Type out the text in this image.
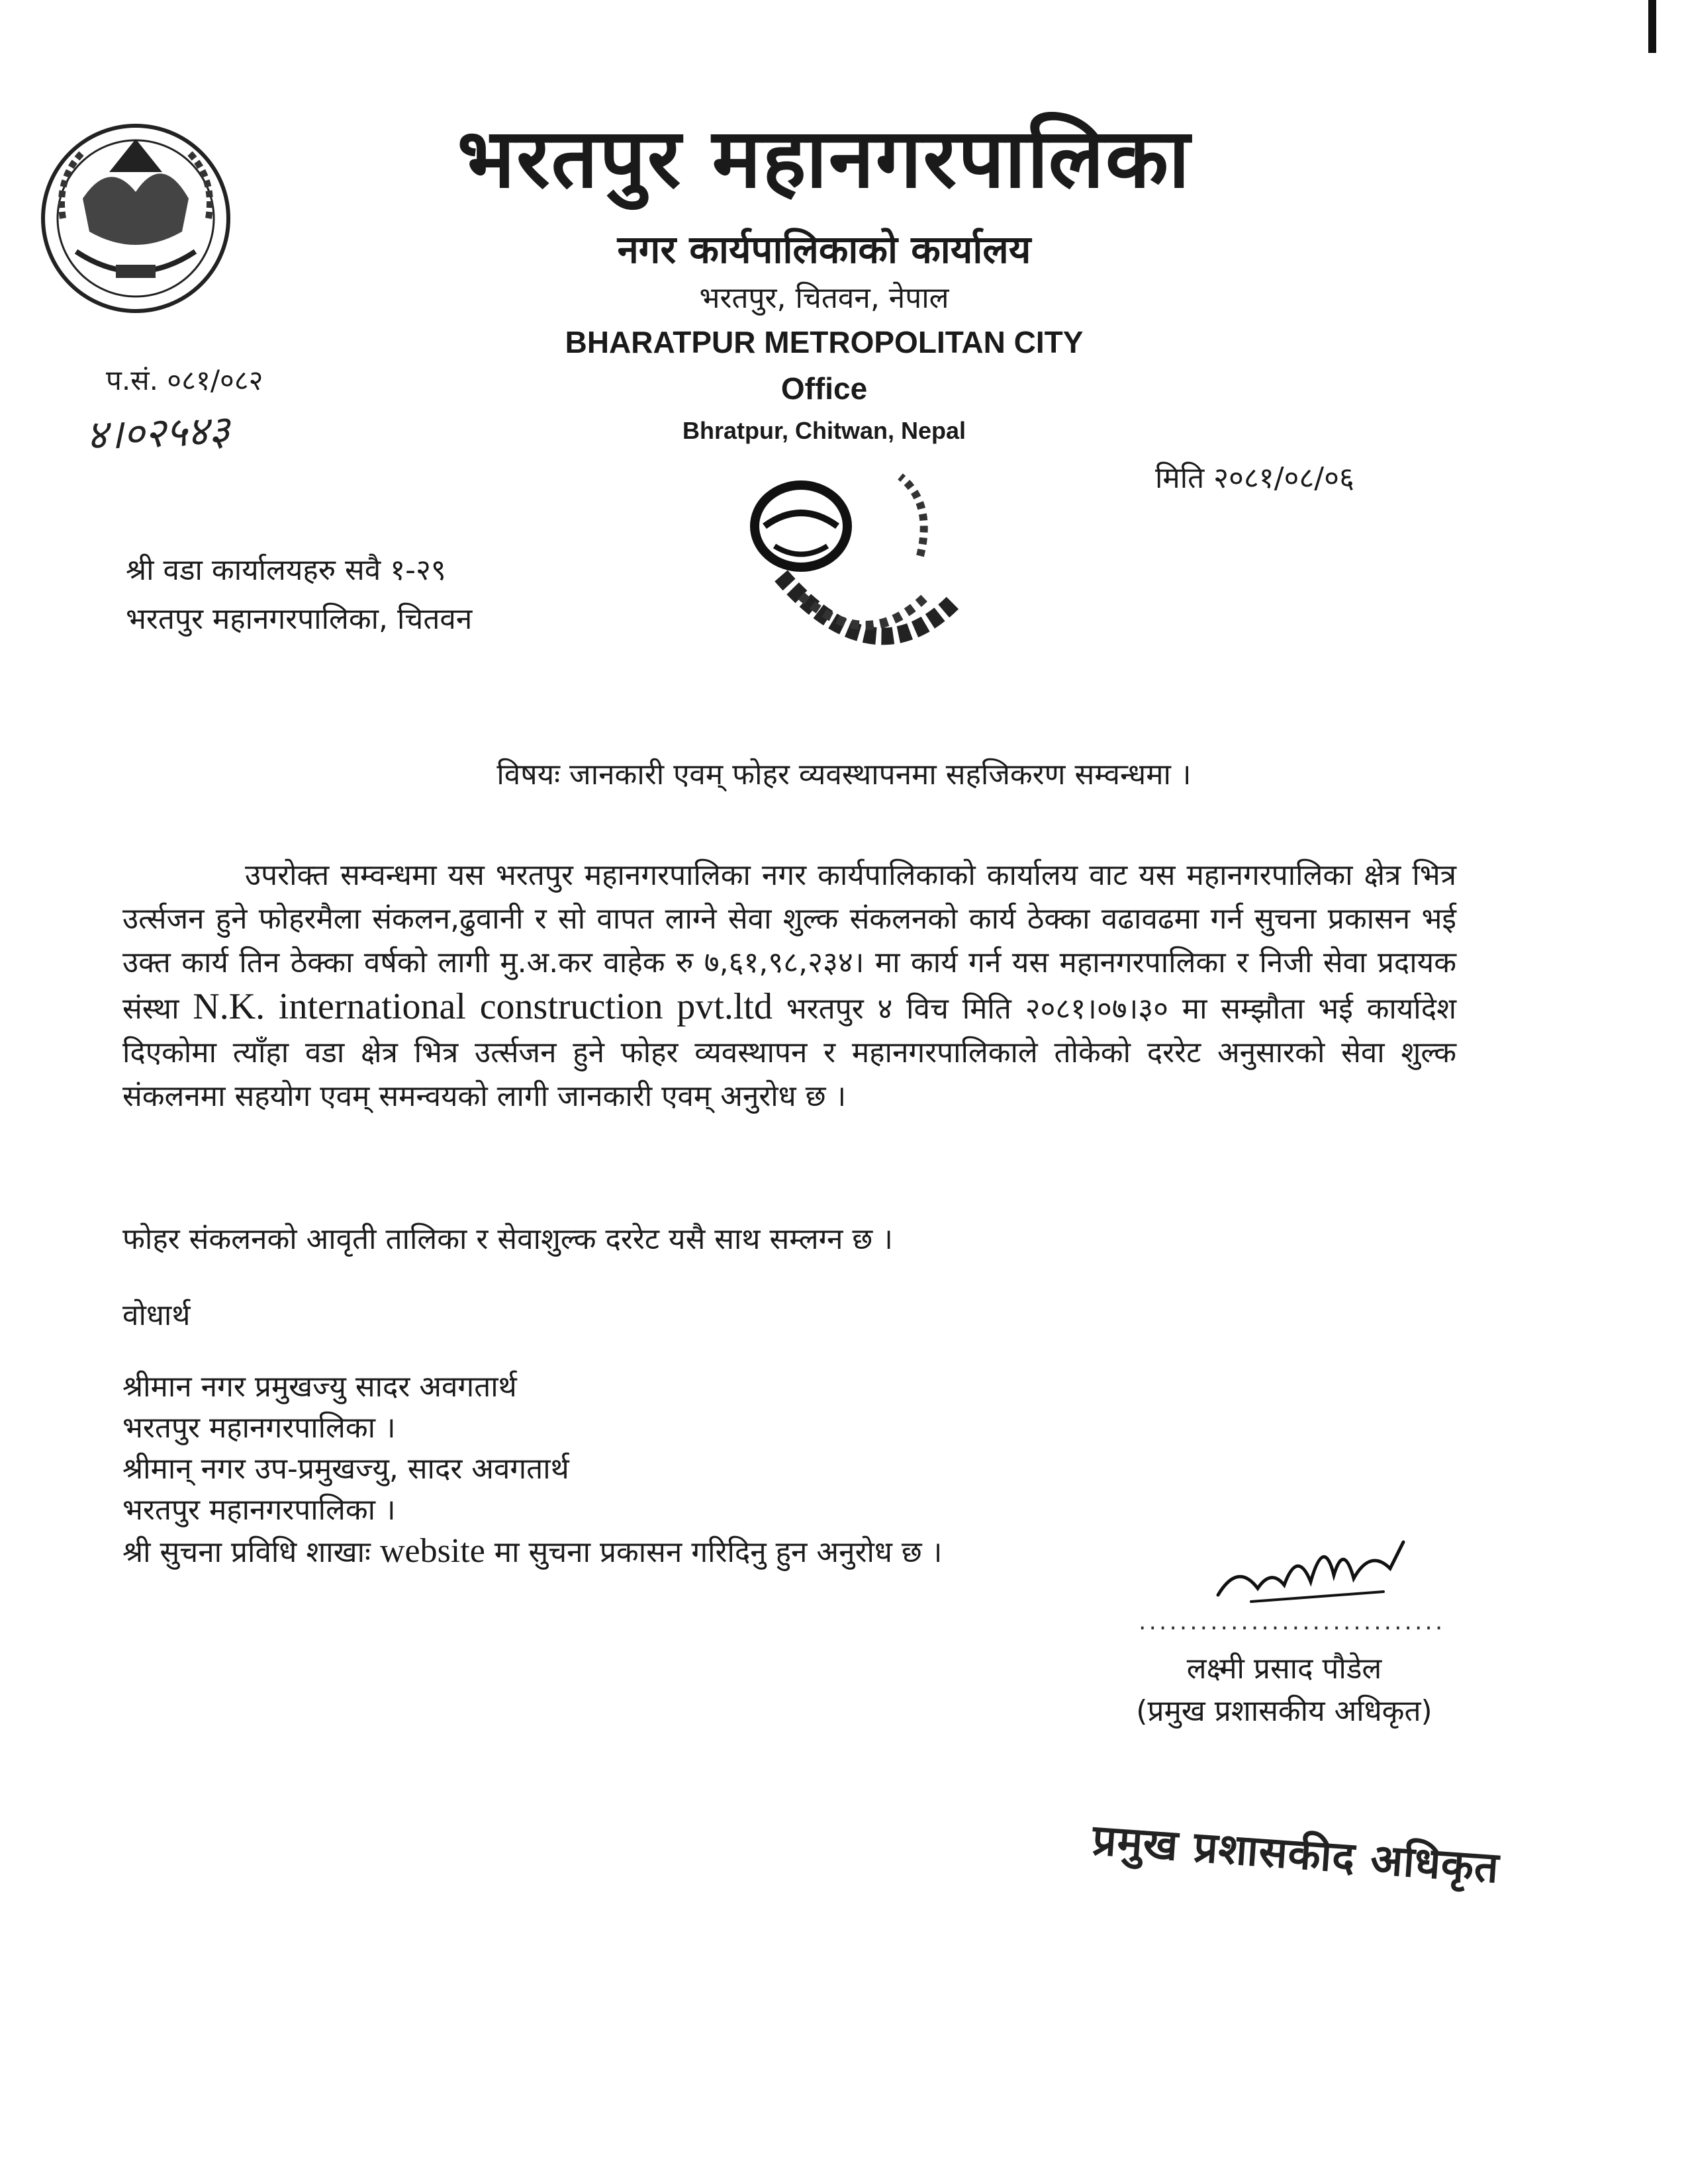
भरतपुर महानगरपालिका
नगर कार्यपालिकाको कार्यालय
भरतपुर, चितवन, नेपाल
BHARATPUR METROPOLITAN CITY
Office
Bhratpur, Chitwan, Nepal
प.सं. ०८१/०८२
४।०२५४३
मिति २०८१/०८/०६
श्री वडा कार्यालयहरु सवै १-२९
भरतपुर महानगरपालिका, चितवन
विषयः जानकारी एवम् फोहर व्यवस्थापनमा सहजिकरण सम्वन्धमा ।
उपरोक्त सम्वन्धमा यस भरतपुर महानगरपालिका नगर कार्यपालिकाको कार्यालय वाट यस महानगरपालिका क्षेत्र भित्र उर्त्सजन हुने फोहरमैला संकलन,ढुवानी र सो वापत लाग्ने सेवा शुल्क संकलनको कार्य ठेक्का वढावढमा गर्न सुचना प्रकासन भई उक्त कार्य तिन ठेक्का वर्षको लागी मु.अ.कर वाहेक रु ७,६१,९८,२३४। मा कार्य गर्न यस महानगरपालिका र निजी सेवा प्रदायक संस्था N.K. international construction pvt.ltd भरतपुर ४ विच मिति २०८१।०७।३० मा सम्झौता भई कार्यादेश दिएकोमा त्याँहा वडा क्षेत्र भित्र उर्त्सजन हुने फोहर व्यवस्थापन र महानगरपालिकाले तोकेको दररेट अनुसारको सेवा शुल्क संकलनमा सहयोग एवम् समन्वयको लागी जानकारी एवम् अनुरोध छ ।
फोहर संकलनको आवृती तालिका र सेवाशुल्क दररेट यसै साथ सम्लग्न छ ।
वोधार्थ
श्रीमान नगर प्रमुखज्यु सादर अवगतार्थ
भरतपुर महानगरपालिका ।
श्रीमान् नगर उप-प्रमुखज्यु, सादर अवगतार्थ
भरतपुर महानगरपालिका ।
श्री सुचना प्रविधि शाखाः website मा सुचना प्रकासन गरिदिनु हुन अनुरोध छ ।
..............................
लक्ष्मी प्रसाद पौडेल
(प्रमुख प्रशासकीय अधिकृत)
प्रमुख प्रशासकीद अधिकृत
